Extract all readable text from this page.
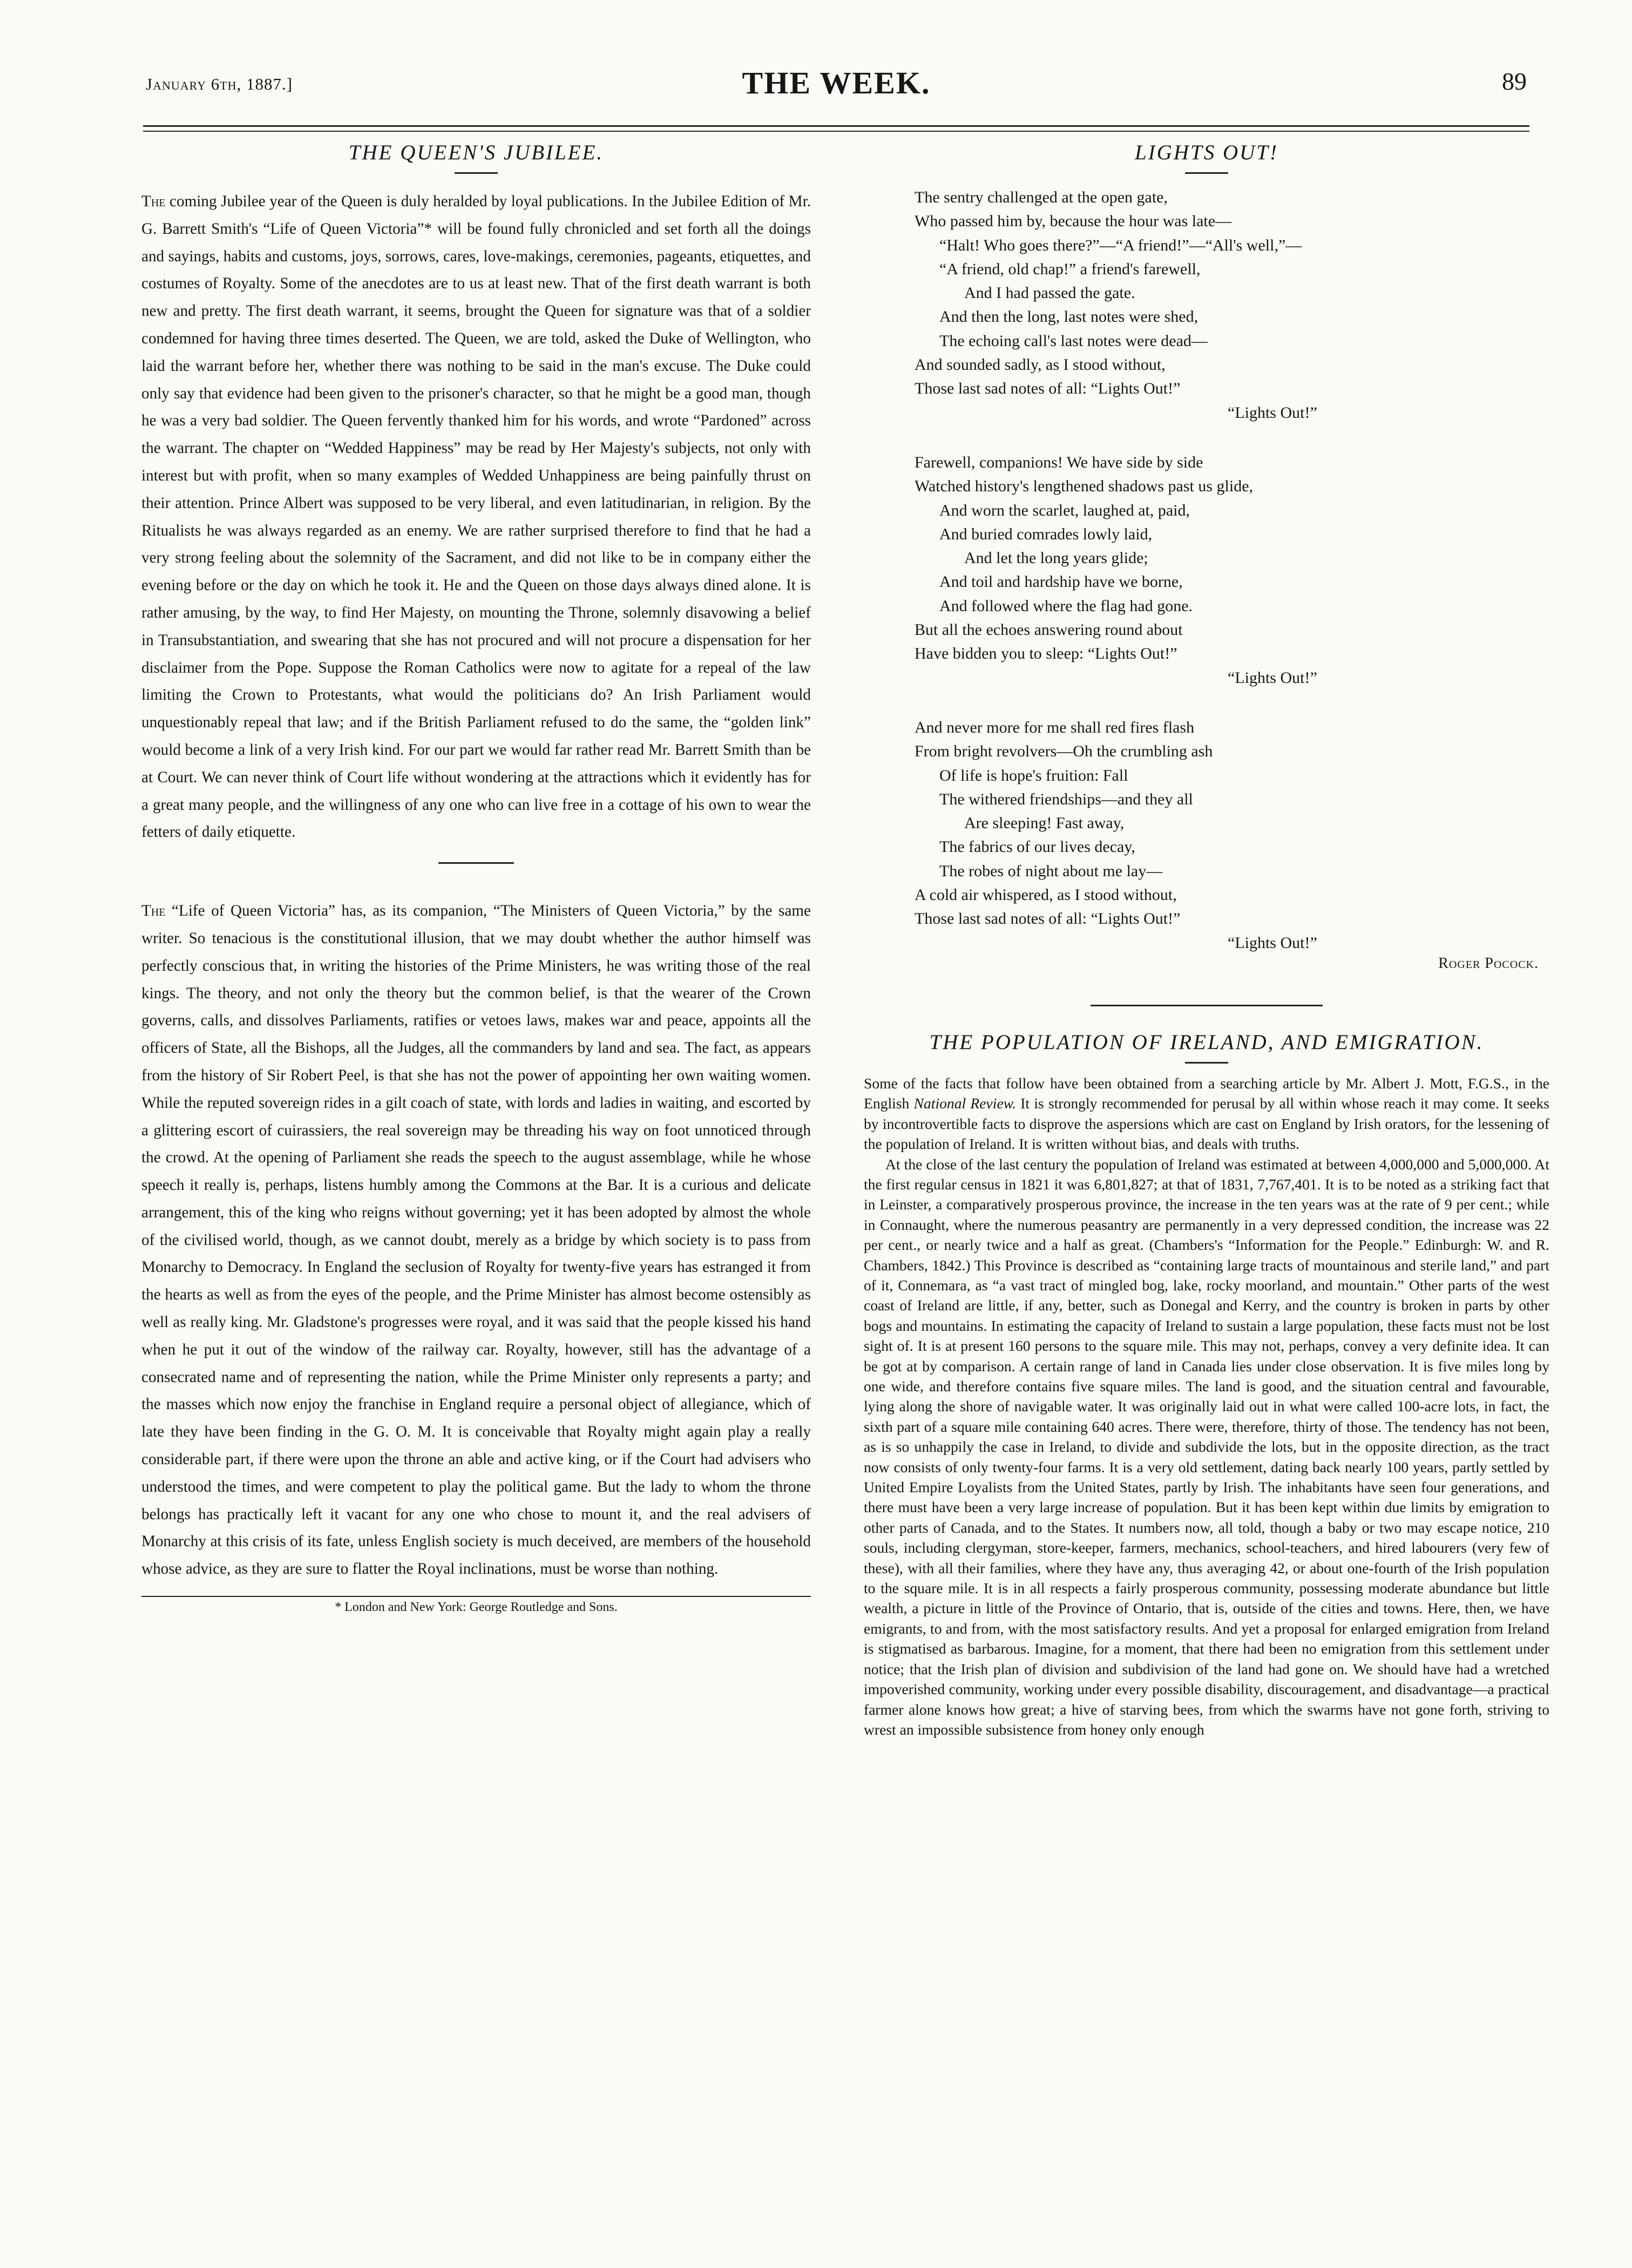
January 6th, 1887.]	THE WEEK.	89
THE QUEEN'S JUBILEE.

The coming Jubilee year of the Queen is duly heralded by loyal publications. In the Jubilee Edition of Mr. G. Barrett Smith's “Life of Queen Victoria”* will be found fully chronicled and set forth all the doings and sayings, habits and customs, joys, sorrows, cares, love-makings, ceremonies, pageants, etiquettes, and costumes of Royalty. Some of the anecdotes are to us at least new. That of the first death warrant is both new and pretty. The first death warrant, it seems, brought the Queen for signature was that of a soldier condemned for having three times deserted. The Queen, we are told, asked the Duke of Wellington, who laid the warrant before her, whether there was nothing to be said in the man's excuse. The Duke could only say that evidence had been given to the prisoner's character, so that he might be a good man, though he was a very bad soldier. The Queen fervently thanked him for his words, and wrote “Pardoned” across the warrant. The chapter on “Wedded Happiness” may be read by Her Majesty's subjects, not only with interest but with profit, when so many examples of Wedded Unhappiness are being painfully thrust on their attention. Prince Albert was supposed to be very liberal, and even latitudinarian, in religion. By the Ritualists he was always regarded as an enemy. We are rather surprised therefore to find that he had a very strong feeling about the solemnity of the Sacrament, and did not like to be in company either the evening before or the day on which he took it. He and the Queen on those days always dined alone. It is rather amusing, by the way, to find Her Majesty, on mounting the Throne, solemnly disavowing a belief in Transubstantiation, and swearing that she has not procured and will not procure a dispensation for her disclaimer from the Pope. Suppose the Roman Catholics were now to agitate for a repeal of the law limiting the Crown to Protestants, what would the politicians do? An Irish Parliament would unquestionably repeal that law; and if the British Parliament refused to do the same, the “golden link” would become a link of a very Irish kind. For our part we would far rather read Mr. Barrett Smith than be at Court. We can never think of Court life without wondering at the attractions which it evidently has for a great many people, and the willingness of any one who can live free in a cottage of his own to wear the fetters of daily etiquette.

The “Life of Queen Victoria” has, as its companion, “The Ministers of Queen Victoria,” by the same writer. So tenacious is the constitutional illusion, that we may doubt whether the author himself was perfectly conscious that, in writing the histories of the Prime Ministers, he was writing those of the real kings. The theory, and not only the theory but the common belief, is that the wearer of the Crown governs, calls, and dissolves Parliaments, ratifies or vetoes laws, makes war and peace, appoints all the officers of State, all the Bishops, all the Judges, all the commanders by land and sea. The fact, as appears from the history of Sir Robert Peel, is that she has not the power of appointing her own waiting women. While the reputed sovereign rides in a gilt coach of state, with lords and ladies in waiting, and escorted by a glittering escort of cuirassiers, the real sovereign may be threading his way on foot unnoticed through the crowd. At the opening of Parliament she reads the speech to the august assemblage, while he whose speech it really is, perhaps, listens humbly among the Commons at the Bar. It is a curious and delicate arrangement, this of the king who reigns without governing; yet it has been adopted by almost the whole of the civilised world, though, as we cannot doubt, merely as a bridge by which society is to pass from Monarchy to Democracy. In England the seclusion of Royalty for twenty-five years has estranged it from the hearts as well as from the eyes of the people, and the Prime Minister has almost become ostensibly as well as really king. Mr. Gladstone's progresses were royal, and it was said that the people kissed his hand when he put it out of the window of the railway car. Royalty, however, still has the advantage of a consecrated name and of representing the nation, while the Prime Minister only represents a party; and the masses which now enjoy the franchise in England require a personal object of allegiance, which of late they have been finding in the G. O. M. It is conceivable that Royalty might again play a really considerable part, if there were upon the throne an able and active king, or if the Court had advisers who understood the times, and were competent to play the political game. But the lady to whom the throne belongs has practically left it vacant for any one who chose to mount it, and the real advisers of Monarchy at this crisis of its fate, unless English society is much deceived, are members of the household whose advice, as they are sure to flatter the Royal inclinations, must be worse than nothing.

* London and New York: George Routledge and Sons.

LIGHTS OUT!
The sentry challenged at the open gate,
Who passed him by, because the hour was late—
“Halt! Who goes there?”—“A friend!”—“All's well,”—
“A friend, old chap!” a friend's farewell,
And I had passed the gate.
And then the long, last notes were shed,
The echoing call's last notes were dead—
And sounded sadly, as I stood without,
Those last sad notes of all: “Lights Out!”
“Lights Out!”
Farewell, companions! We have side by side
Watched history's lengthened shadows past us glide,
And worn the scarlet, laughed at, paid,
And buried comrades lowly laid,
And let the long years glide;
And toil and hardship have we borne,
And followed where the flag had gone.
But all the echoes answering round about
Have bidden you to sleep: “Lights Out!”
“Lights Out!”
And never more for me shall red fires flash
From bright revolvers—Oh the crumbling ash
Of life is hope's fruition: Fall
The withered friendships—and they all
Are sleeping! Fast away,
The fabrics of our lives decay,
The robes of night about me lay—
A cold air whispered, as I stood without,
Those last sad notes of all: “Lights Out!”
“Lights Out!”
Roger Pocock.
THE POPULATION OF IRELAND, AND EMIGRATION.

Some of the facts that follow have been obtained from a searching article by Mr. Albert J. Mott, F.G.S., in the English National Review. It is strongly recommended for perusal by all within whose reach it may come. It seeks by incontrovertible facts to disprove the aspersions which are cast on England by Irish orators, for the lessening of the population of Ireland. It is written without bias, and deals with truths.

At the close of the last century the population of Ireland was estimated at between 4,000,000 and 5,000,000. At the first regular census in 1821 it was 6,801,827; at that of 1831, 7,767,401. It is to be noted as a striking fact that in Leinster, a comparatively prosperous province, the increase in the ten years was at the rate of 9 per cent.; while in Connaught, where the numerous peasantry are permanently in a very depressed condition, the increase was 22 per cent., or nearly twice and a half as great. (Chambers's “Information for the People.” Edinburgh: W. and R. Chambers, 1842.) This Province is described as “containing large tracts of mountainous and sterile land,” and part of it, Connemara, as “a vast tract of mingled bog, lake, rocky moorland, and mountain.” Other parts of the west coast of Ireland are little, if any, better, such as Donegal and Kerry, and the country is broken in parts by other bogs and mountains. In estimating the capacity of Ireland to sustain a large population, these facts must not be lost sight of. It is at present 160 persons to the square mile. This may not, perhaps, convey a very definite idea. It can be got at by comparison. A certain range of land in Canada lies under close observation. It is five miles long by one wide, and therefore contains five square miles. The land is good, and the situation central and favourable, lying along the shore of navigable water. It was originally laid out in what were called 100-acre lots, in fact, the sixth part of a square mile containing 640 acres. There were, therefore, thirty of those. The tendency has not been, as is so unhappily the case in Ireland, to divide and subdivide the lots, but in the opposite direction, as the tract now consists of only twenty-four farms. It is a very old settlement, dating back nearly 100 years, partly settled by United Empire Loyalists from the United States, partly by Irish. The inhabitants have seen four generations, and there must have been a very large increase of population. But it has been kept within due limits by emigration to other parts of Canada, and to the States. It numbers now, all told, though a baby or two may escape notice, 210 souls, including clergyman, store-keeper, farmers, mechanics, school-teachers, and hired labourers (very few of these), with all their families, where they have any, thus averaging 42, or about one-fourth of the Irish population to the square mile. It is in all respects a fairly prosperous community, possessing moderate abundance but little wealth, a picture in little of the Province of Ontario, that is, outside of the cities and towns. Here, then, we have emigrants, to and from, with the most satisfactory results. And yet a proposal for enlarged emigration from Ireland is stigmatised as barbarous. Imagine, for a moment, that there had been no emigration from this settlement under notice; that the Irish plan of division and subdivision of the land had gone on. We should have had a wretched impoverished community, working under every possible disability, discouragement, and disadvantage—a practical farmer alone knows how great; a hive of starving bees, from which the swarms have not gone forth, striving to wrest an impossible subsistence from honey only enough
